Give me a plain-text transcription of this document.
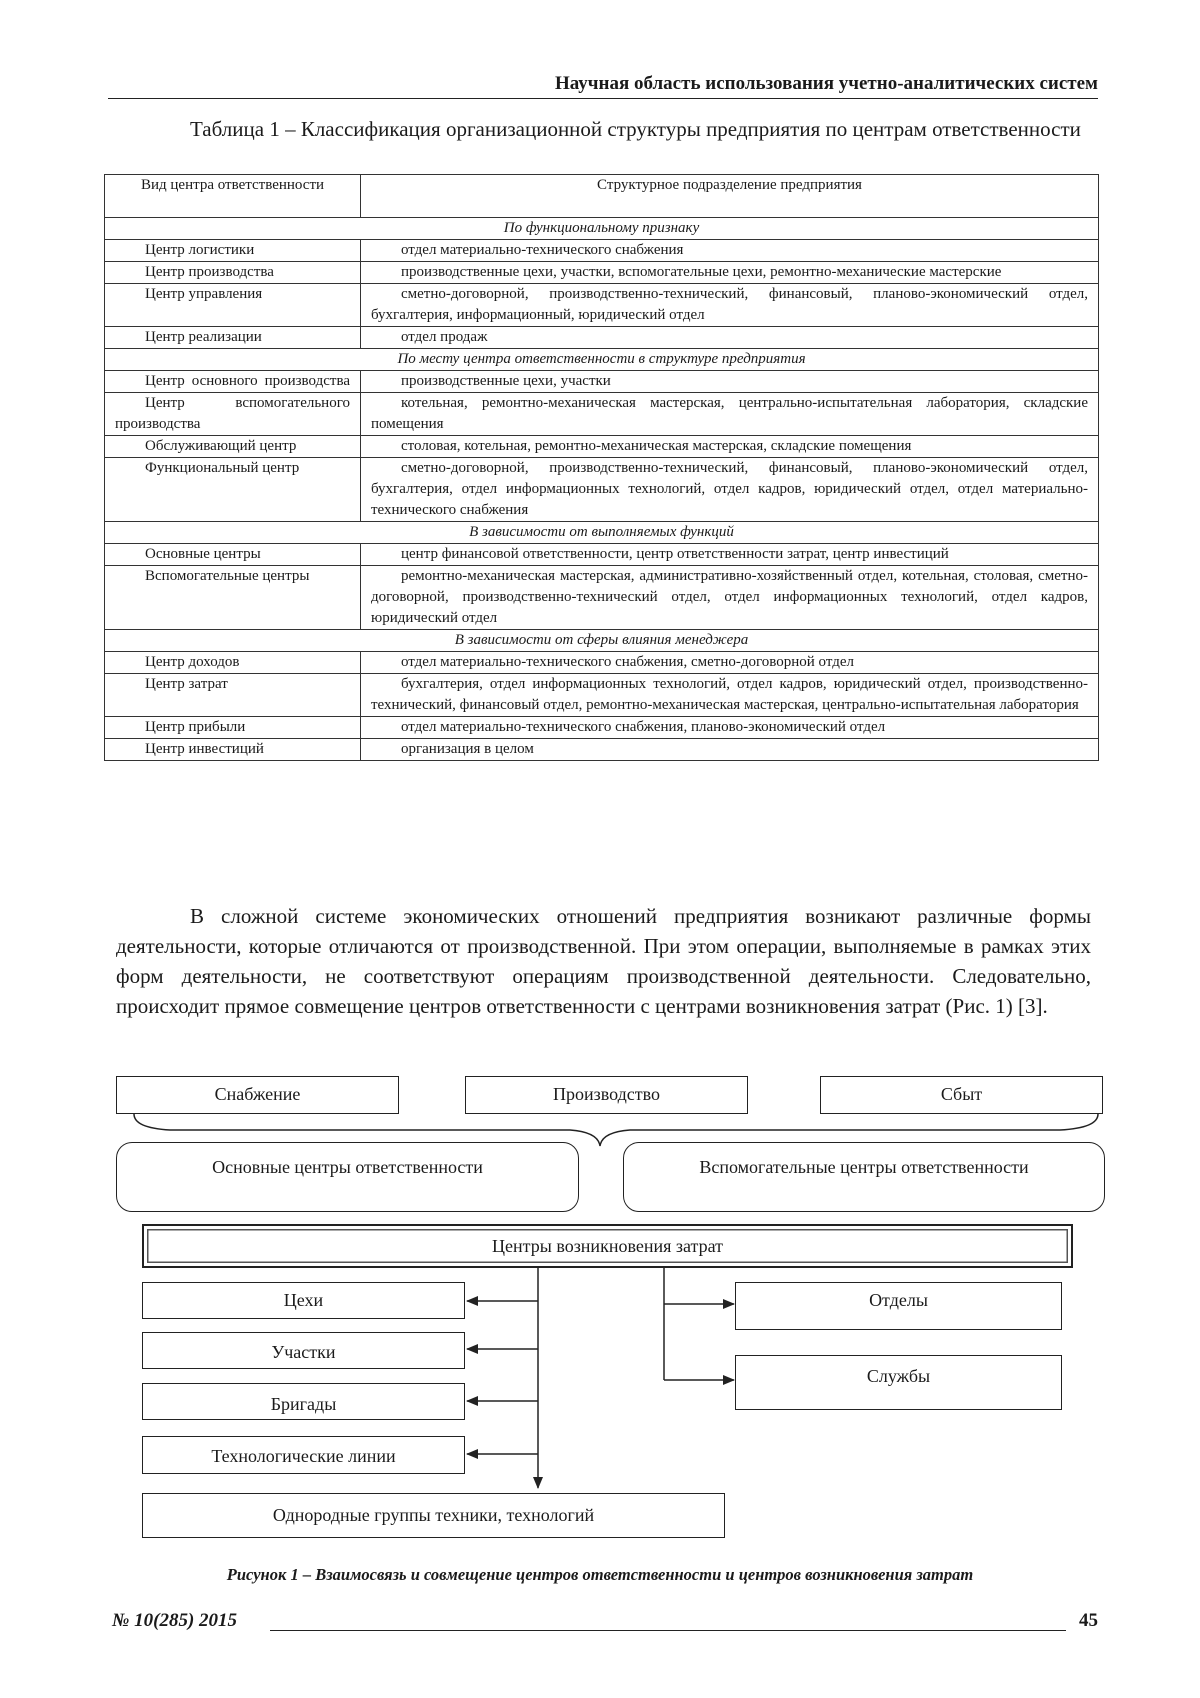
Научная область использования учетно-аналитических систем
Таблица 1 – Классификация организационной структуры предприятия по центрам ответственности
Вид центра ответственности	Структурное подразделение предприятия
По функциональному признаку	
Центр логистики	отдел материально-технического снабжения

Центр производства	производственные цехи, участки, вспомогательные цехи, ремонтно-механические мастерские

Центр управления	сметно-договорной, производственно-технический, финансовый, планово-экономический отдел, бухгалтерия, информационный, юридический отдел

Центр реализации	отдел продаж

По месту центра ответственности в структуре предприятия	
Центр основного производства	производственные цехи, участки

Центр вспомогательного производства	котельная, ремонтно-механическая мастерская, центрально-испытательная лаборатория, складские помещения

Обслуживающий центр	столовая, котельная, ремонтно-механическая мастерская, складские помещения

Функциональный центр	сметно-договорной, производственно-технический, финансовый, планово-экономический отдел, бухгалтерия, отдел информационных технологий, отдел кадров, юридический отдел, отдел материально-технического снабжения

В зависимости от выполняемых функций	
Основные центры	центр финансовой ответственности, центр ответственности затрат, центр инвестиций

Вспомогательные центры	ремонтно-механическая мастерская, административно-хозяйственный отдел, котельная, столовая, сметно-договорной, производственно-технический отдел, отдел информационных технологий, отдел кадров, юридический отдел

В зависимости от сферы влияния менеджера	
Центр доходов	отдел материально-технического снабжения, сметно-договорной отдел

Центр затрат	бухгалтерия, отдел информационных технологий, отдел кадров, юридический отдел, производственно-технический, финансовый отдел, ремонтно-механическая мастерская, центрально-испытательная лаборатория

Центр прибыли	отдел материально-технического снабжения, планово-экономический отдел

Центр инвестиций	организация в целом
В сложной системе экономических отношений предприятия возникают различные формы деятельности, которые отличаются от производственной. При этом операции, выполняемые в рамках этих форм деятельности, не соответствуют операциям производственной деятельности. Следовательно, происходит прямое совмещение центров ответственности с центрами возникновения затрат (Рис. 1) [3].
Снабжение	Производство	Сбыт
Основные центры ответственности	Вспомогательные центры ответственности
Центры возникновения затрат
Цехи
Участки
Бригады
Технологические линии
Однородные группы техники, технологий
Отделы
Службы
Рисунок 1 – Взаимосвязь и совмещение центров ответственности и центров возникновения затрат
№ 10(285) 2015	45
